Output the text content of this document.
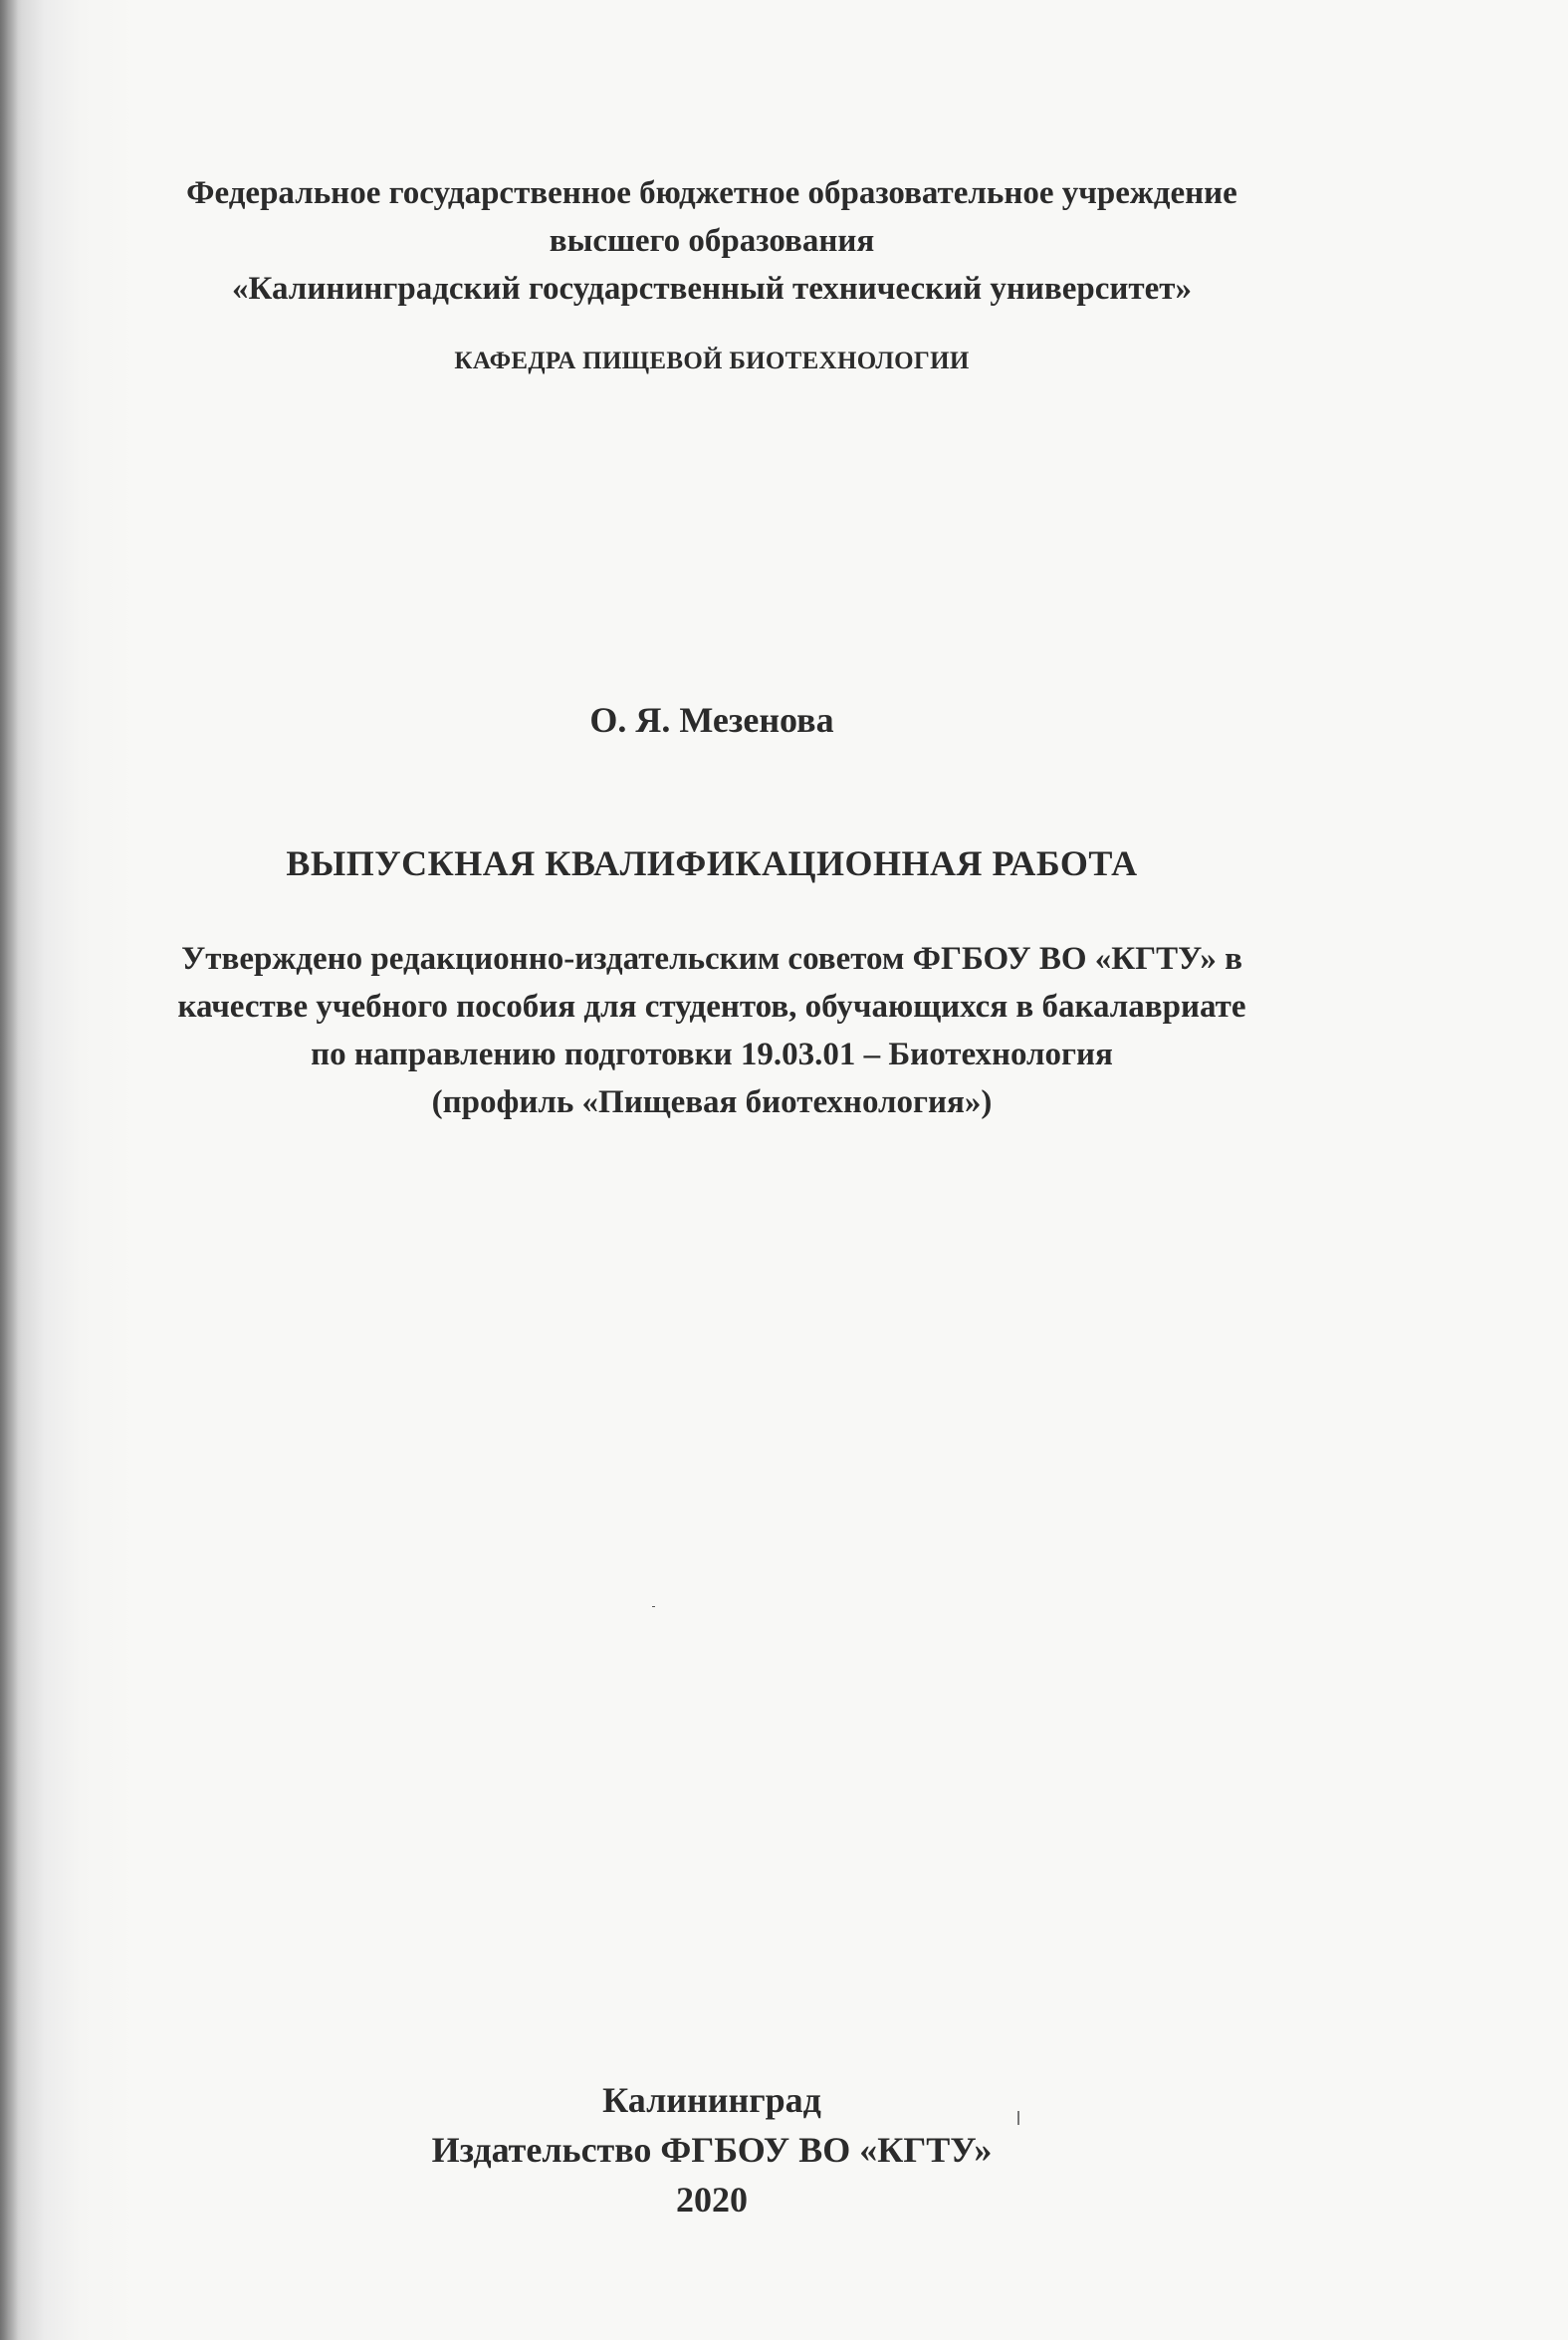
Федеральное государственное бюджетное образовательное учреждение
высшего образования
«Калининградский государственный технический университет»
КАФЕДРА ПИЩЕВОЙ БИОТЕХНОЛОГИИ
О. Я. Мезенова
ВЫПУСКНАЯ КВАЛИФИКАЦИОННАЯ РАБОТА
Утверждено редакционно-издательским советом ФГБОУ ВО «КГТУ» в
качестве учебного пособия для студентов, обучающихся в бакалавриате
по направлению подготовки 19.03.01 – Биотехнология
(профиль «Пищевая биотехнология»)
Калининград
Издательство ФГБОУ ВО «КГТУ»
2020
